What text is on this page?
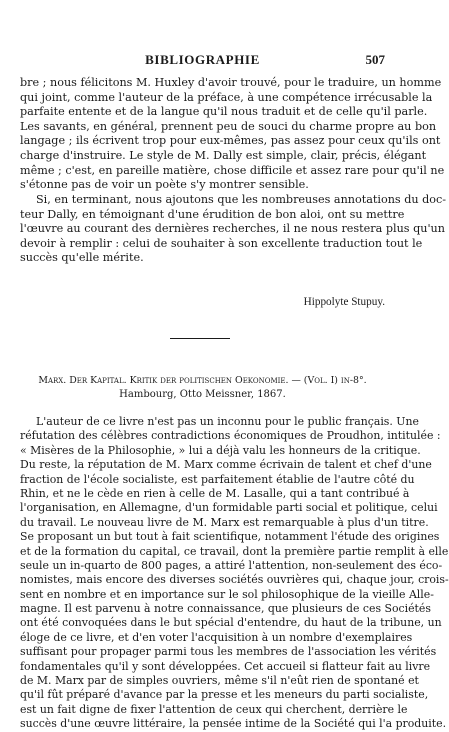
BIBLIOGRAPHIE	507
bre ; nous félicitons M. Huxley d'avoir trouvé, pour le traduire, un homme
qui joint, comme l'auteur de la préface, à une compétence irrécusable la
parfaite entente et de la langue qu'il nous traduit et de celle qu'il parle.
Les savants, en général, prennent peu de souci du charme propre au bon
langage ; ils écrivent trop pour eux-mêmes, pas assez pour ceux qu'ils ont
charge d'instruire. Le style de M. Dally est simple, clair, précis, élégant
même ; c'est, en pareille matière, chose difficile et assez rare pour qu'il ne
s'étonne pas de voir un poète s'y montrer sensible.
Si, en terminant, nous ajoutons que les nombreuses annotations du doc-
teur Dally, en témoignant d'une érudition de bon aloi, ont su mettre
l'œuvre au courant des dernières recherches, il ne nous restera plus qu'un
devoir à remplir : celui de souhaiter à son excellente traduction tout le
succès qu'elle mérite.
Hippolyte Stupuy.
Marx. Der Kapital. Kritik der politischen Oekonomie. — (Vol. I) in-8°.
Hambourg, Otto Meissner, 1867.
L'auteur de ce livre n'est pas un inconnu pour le public français. Une
réfutation des célèbres contradictions économiques de Proudhon, intitulée :
« Misères de la Philosophie, » lui a déjà valu les honneurs de la critique.
Du reste, la réputation de M. Marx comme écrivain de talent et chef d'une
fraction de l'école socialiste, est parfaitement établie de l'autre côté du
Rhin, et ne le cède en rien à celle de M. Lasalle, qui a tant contribué à
l'organisation, en Allemagne, d'un formidable parti social et politique, celui
du travail. Le nouveau livre de M. Marx est remarquable à plus d'un titre.
Se proposant un but tout à fait scientifique, notamment l'étude des origines
et de la formation du capital, ce travail, dont la première partie remplit à elle
seule un in-quarto de 800 pages, a attiré l'attention, non-seulement des éco-
nomistes, mais encore des diverses sociétés ouvrières qui, chaque jour, crois-
sent en nombre et en importance sur le sol philosophique de la vieille Alle-
magne. Il est parvenu à notre connaissance, que plusieurs de ces Sociétés
ont été convoquées dans le but spécial d'entendre, du haut de la tribune, un
éloge de ce livre, et d'en voter l'acquisition à un nombre d'exemplaires
suffisant pour propager parmi tous les membres de l'association les vérités
fondamentales qu'il y sont développées. Cet accueil si flatteur fait au livre
de M. Marx par de simples ouvriers, même s'il n'eût rien de spontané et
qu'il fût préparé d'avance par la presse et les meneurs du parti socialiste,
est un fait digne de fixer l'attention de ceux qui cherchent, derrière le
succès d'une œuvre littéraire, la pensée intime de la Société qui l'a produite.
